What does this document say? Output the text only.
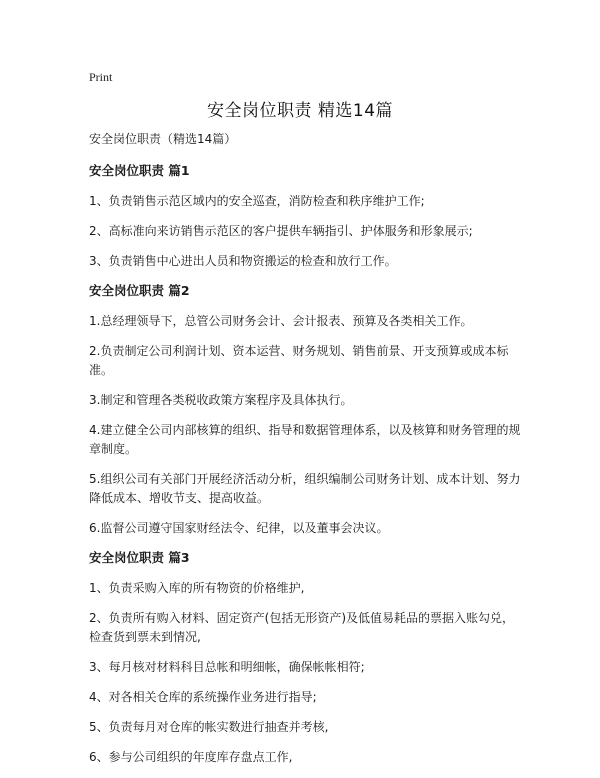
Print
安全岗位职责 精选14篇
安全岗位职责（精选14篇）
安全岗位职责 篇1
1、负责销售示范区域内的安全巡查，消防检查和秩序维护工作;
2、高标准向来访销售示范区的客户提供车辆指引、护体服务和形象展示;
3、负责销售中心进出人员和物资搬运的检查和放行工作。
安全岗位职责 篇2
1.总经理领导下，总管公司财务会计、会计报表、预算及各类相关工作。
2.负责制定公司利润计划、资本运营、财务规划、销售前景、开支预算或成本标准。
3.制定和管理各类税收政策方案程序及具体执行。
4.建立健全公司内部核算的组织、指导和数据管理体系，以及核算和财务管理的规章制度。
5.组织公司有关部门开展经济活动分析，组织编制公司财务计划、成本计划、努力降低成本、增收节支、提高收益。
6.监督公司遵守国家财经法令、纪律，以及董事会决议。
安全岗位职责 篇3
1、负责采购入库的所有物资的价格维护,
2、负责所有购入材料、固定资产(包括无形资产)及低值易耗品的票据入账勾兑，检查货到票未到情况,
3、每月核对材料科目总帐和明细帐，确保帐帐相符;
4、对各相关仓库的系统操作业务进行指导;
5、负责每月对仓库的帐实数进行抽查并考核,
6、参与公司组织的年度库存盘点工作,
